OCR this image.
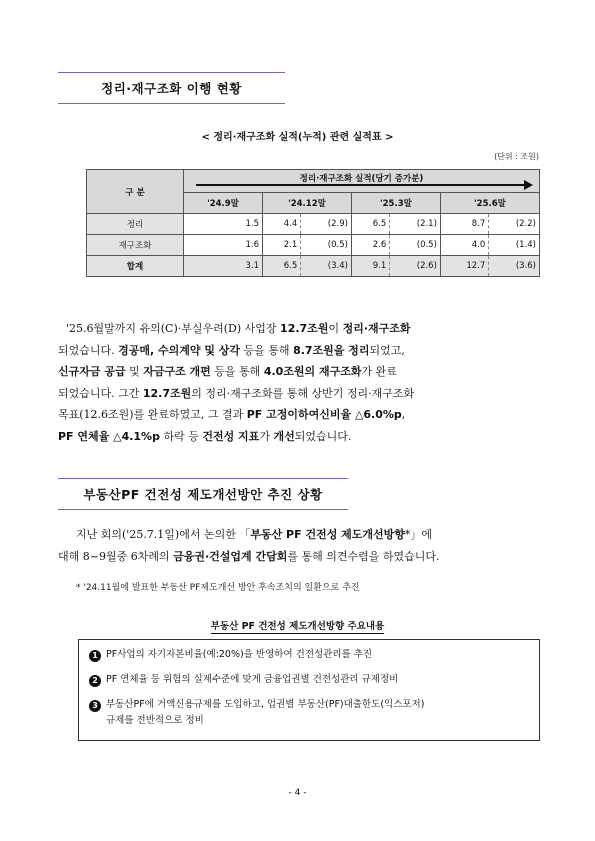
정리·재구조화 이행 현황
< 정리·재구조화 실적(누적) 관련 실적표 >
(단위 : 조원)
구 분	정리·재구조화 실적(당기 증가분)						

	'24.9말	'24.12말		'25.3말		'25.6말	
정리	1.5	4.4	(2.9)	6.5	(2.1)	8.7	(2.2)
재구조화	1.6	2.1	(0.5)	2.6	(0.5)	4.0	(1.4)
합계	3.1	6.5	(3.4)	9.1	(2.6)	12.7	(3.6)
'25.6월말까지 유의(C)·부실우려(D) 사업장 12.7조원이 정리·재구조화
되었습니다. 경공매, 수의계약 및 상각 등을 통해 8.7조원을 정리되었고,
신규자금 공급 및 자금구조 개편 등을 통해 4.0조원의 재구조화가 완료
되었습니다. 그간 12.7조원의 정리·재구조화를 통해 상반기 정리·재구조화
목표(12.6조원)를 완료하였고, 그 결과 PF 고정이하여신비율 △6.0%p,
PF 연체율 △4.1%p 하락 등 건전성 지표가 개선되었습니다.
부동산PF 건전성 제도개선방안 추진 상황
지난 회의('25.7.1일)에서 논의한 「부동산 PF 건전성 제도개선방향*」에
대해 8~9월중 6차례의 금융권·건설업계 간담회를 통해 의견수렴을 하였습니다.
* '24.11월에 발표한 부동산 PF제도개선 방안 후속조치의 일환으로 추진
부동산 PF 건전성 제도개선방향 주요내용
1 PF사업의 자기자본비율(예:20%)을 반영하여 건전성관리를 추진
2 PF 연체율 등 위험의 실제수준에 맞게 금융업권별 건전성관리 규제정비
3 부동산PF에 거액신용규제를 도입하고, 업권별 부동산(PF)대출한도(익스포저)
규제를 전반적으로 정비
- 4 -
